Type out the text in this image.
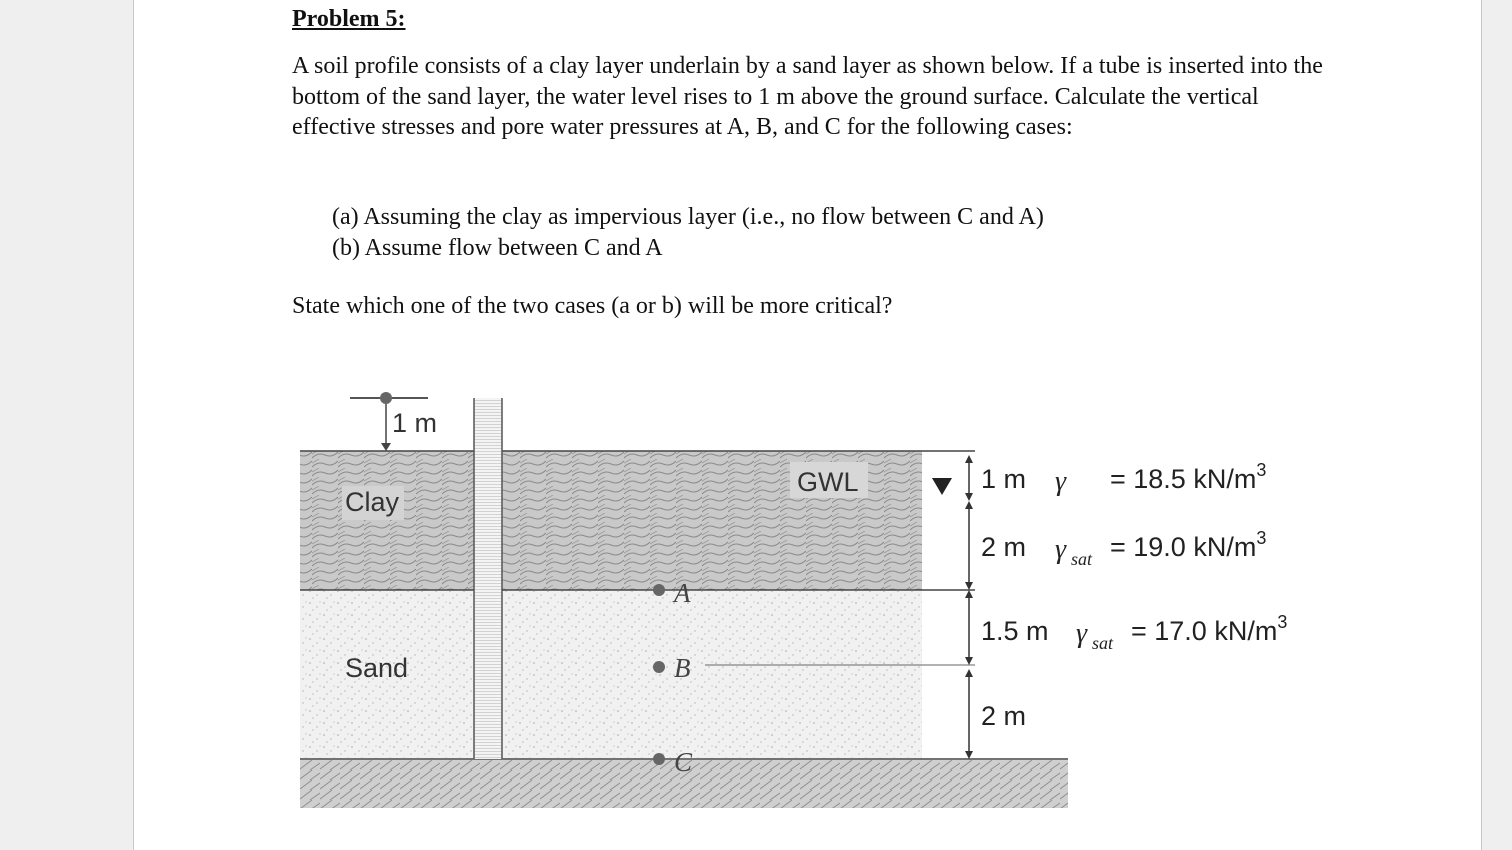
Problem 5:

A soil profile consists of a clay layer underlain by a sand layer as shown below. If a tube is inserted into the bottom of the sand layer, the water level rises to 1 m above the ground surface. Calculate the vertical effective stresses and pore water pressures at A, B, and C for the following cases:

(a) Assuming the clay as impervious layer (i.e., no flow between C and A)
(b) Assume flow between C and A
State which one of the two cases (a or b) will be more critical?
1 m
Clay
Sand
GWL
A
B
C
1 m γ = 18.5 $kN/m^3$
2 m γ sat = 19.0 $kN/m^3$
1.5 m γ sat = 17.0 $kN/m^3$
2 m
